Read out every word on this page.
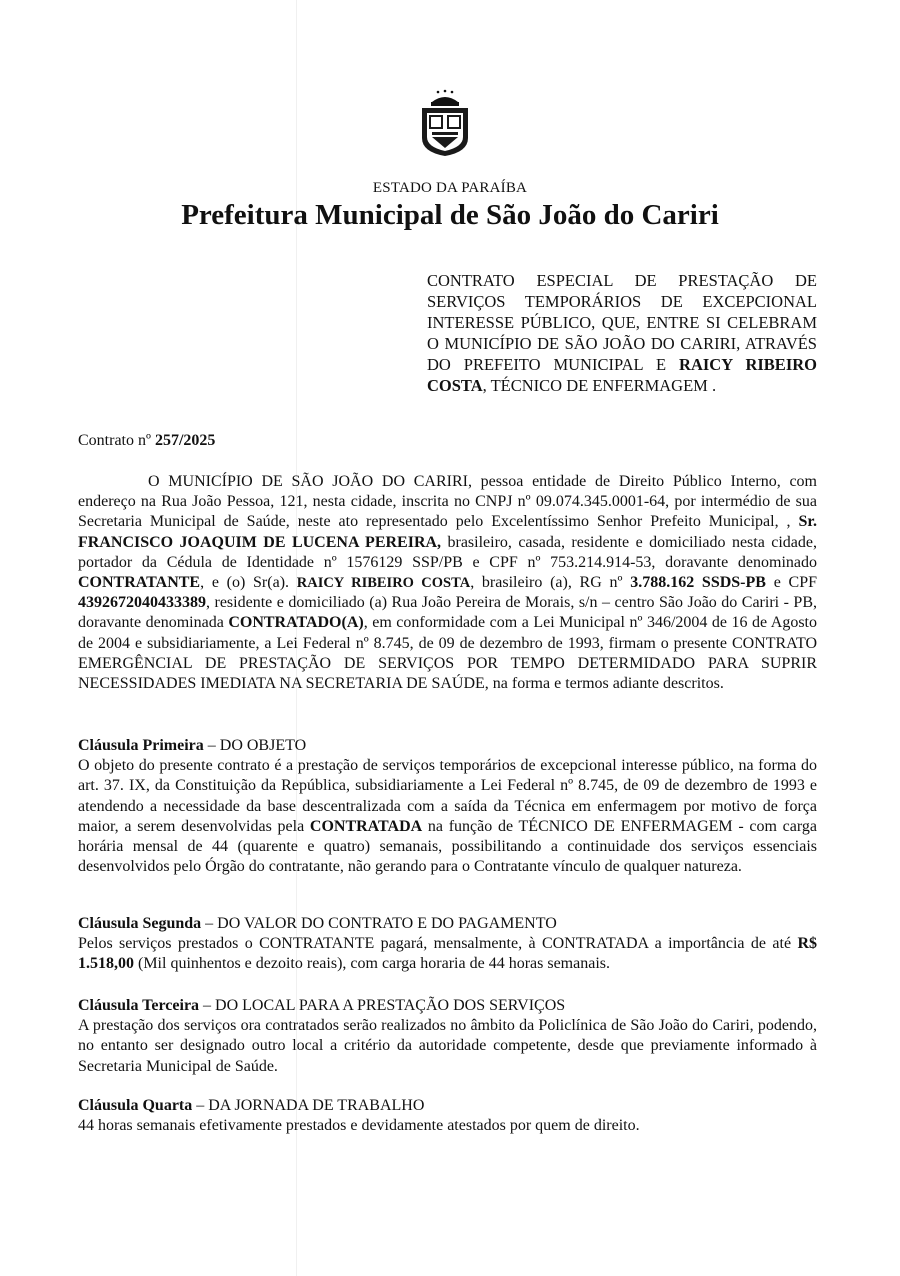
ESTADO DA PARAÍBA
Prefeitura Municipal de São João do Cariri
CONTRATO ESPECIAL DE PRESTAÇÃO DE SERVIÇOS TEMPORÁRIOS DE EXCEPCIONAL INTERESSE PÚBLICO, QUE, ENTRE SI CELEBRAM O MUNICÍPIO DE SÃO JOÃO DO CARIRI, ATRAVÉS DO PREFEITO MUNICIPAL E RAICY RIBEIRO COSTA, TÉCNICO DE ENFERMAGEM .
Contrato nº 257/2025
O MUNICÍPIO DE SÃO JOÃO DO CARIRI, pessoa entidade de Direito Público Interno, com endereço na Rua João Pessoa, 121, nesta cidade, inscrita no CNPJ nº 09.074.345.0001-64, por intermédio de sua Secretaria Municipal de Saúde, neste ato representado pelo Excelentíssimo Senhor Prefeito Municipal, , Sr. FRANCISCO JOAQUIM DE LUCENA PEREIRA, brasileiro, casada, residente e domiciliado nesta cidade, portador da Cédula de Identidade nº 1576129 SSP/PB e CPF nº 753.214.914-53, doravante denominado CONTRATANTE, e (o) Sr(a). RAICY RIBEIRO COSTA, brasileiro (a), RG nº 3.788.162 SSDS-PB e CPF 4392672040433389, residente e domiciliado (a) Rua João Pereira de Morais, s/n – centro São João do Cariri - PB, doravante denominada CONTRATADO(A), em conformidade com a Lei Municipal nº 346/2004 de 16 de Agosto de 2004 e subsidiariamente, a Lei Federal nº 8.745, de 09 de dezembro de 1993, firmam o presente CONTRATO EMERGÊNCIAL DE PRESTAÇÃO DE SERVIÇOS POR TEMPO DETERMIDADO PARA SUPRIR NECESSIDADES IMEDIATA NA SECRETARIA DE SAÚDE, na forma e termos adiante descritos.
Cláusula Primeira – DO OBJETO
O objeto do presente contrato é a prestação de serviços temporários de excepcional interesse público, na forma do art. 37. IX, da Constituição da República, subsidiariamente a Lei Federal nº 8.745, de 09 de dezembro de 1993 e atendendo a necessidade da base descentralizada com a saída da Técnica em enfermagem por motivo de força maior, a serem desenvolvidas pela CONTRATADA na função de TÉCNICO DE ENFERMAGEM - com carga horária mensal de 44 (quarente e quatro) semanais, possibilitando a continuidade dos serviços essenciais desenvolvidos pelo Órgão do contratante, não gerando para o Contratante vínculo de qualquer natureza.
Cláusula Segunda – DO VALOR DO CONTRATO E DO PAGAMENTO
Pelos serviços prestados o CONTRATANTE pagará, mensalmente, à CONTRATADA a importância de até R$ 1.518,00 (Mil quinhentos e dezoito reais), com carga horaria de 44 horas semanais.
Cláusula Terceira – DO LOCAL PARA A PRESTAÇÃO DOS SERVIÇOS
A prestação dos serviços ora contratados serão realizados no âmbito da Policlínica de São João do Cariri, podendo, no entanto ser designado outro local a critério da autoridade competente, desde que previamente informado à Secretaria Municipal de Saúde.
Cláusula Quarta – DA JORNADA DE TRABALHO
44 horas semanais efetivamente prestados e devidamente atestados por quem de direito.
